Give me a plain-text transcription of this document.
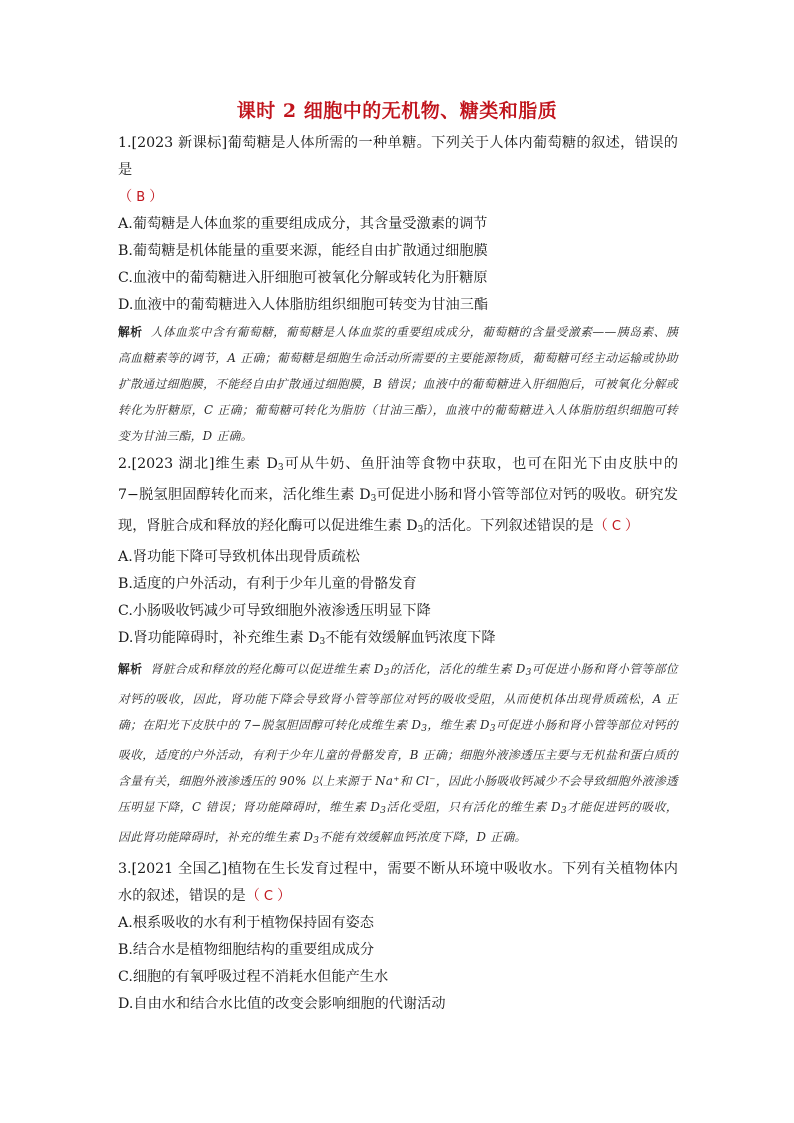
课时 2 细胞中的无机物、糖类和脂质
1.[2023 新课标]葡萄糖是人体所需的一种单糖。下列关于人体内葡萄糖的叙述，错误的是
（ B ）
A.葡萄糖是人体血浆的重要组成成分，其含量受激素的调节
B.葡萄糖是机体能量的重要来源，能经自由扩散通过细胞膜
C.血液中的葡萄糖进入肝细胞可被氧化分解或转化为肝糖原
D.血液中的葡萄糖进入人体脂肪组织细胞可转变为甘油三酯
解析 人体血浆中含有葡萄糖，葡萄糖是人体血浆的重要组成成分，葡萄糖的含量受激素——胰岛素、胰高血糖素等的调节，A 正确；葡萄糖是细胞生命活动所需要的主要能源物质，葡萄糖可经主动运输或协助扩散通过细胞膜，不能经自由扩散通过细胞膜，B 错误；血液中的葡萄糖进入肝细胞后，可被氧化分解或转化为肝糖原，C 正确；葡萄糖可转化为脂肪（甘油三酯），血液中的葡萄糖进入人体脂肪组织细胞可转变为甘油三酯，D 正确。
2.[2023 湖北]维生素 $D_3$可从牛奶、鱼肝油等食物中获取，也可在阳光下由皮肤中的 7−脱氢胆固醇转化而来，活化维生素 $D_3$可促进小肠和肾小管等部位对钙的吸收。研究发现，肾脏合成和释放的羟化酶可以促进维生素 $D_3$的活化。下列叙述错误的是（ C ）
A.肾功能下降可导致机体出现骨质疏松
B.适度的户外活动，有利于少年儿童的骨骼发育
C.小肠吸收钙减少可导致细胞外液渗透压明显下降
D.肾功能障碍时，补充维生素 $D_3$不能有效缓解血钙浓度下降
解析 肾脏合成和释放的羟化酶可以促进维生素 $D_3$的活化，活化的维生素 $D_3$可促进小肠和肾小管等部位对钙的吸收，因此，肾功能下降会导致肾小管等部位对钙的吸收受阻，从而使机体出现骨质疏松，A 正确；在阳光下皮肤中的 7−脱氢胆固醇可转化成维生素 $D_3$，维生素 $D_3$可促进小肠和肾小管等部位对钙的吸收，适度的户外活动，有利于少年儿童的骨骼发育，B 正确；细胞外液渗透压主要与无机盐和蛋白质的含量有关，细胞外液渗透压的 90% 以上来源于 Na⁺和 Cl⁻，因此小肠吸收钙减少不会导致细胞外液渗透压明显下降，C 错误；肾功能障碍时，维生素 $D_3$活化受阻，只有活化的维生素 $D_3$才能促进钙的吸收，因此肾功能障碍时，补充的维生素 $D_3$不能有效缓解血钙浓度下降，D 正确。
3.[2021 全国乙]植物在生长发育过程中，需要不断从环境中吸收水。下列有关植物体内水的叙述，错误的是（ C ）
A.根系吸收的水有利于植物保持固有姿态
B.结合水是植物细胞结构的重要组成成分
C.细胞的有氧呼吸过程不消耗水但能产生水
D.自由水和结合水比值的改变会影响细胞的代谢活动
